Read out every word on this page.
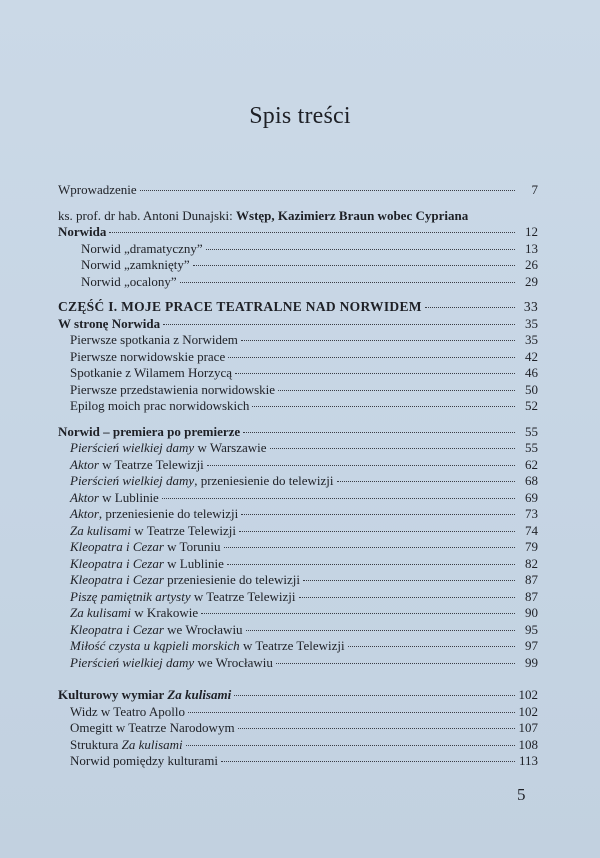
Spis treści
Wprowadzenie	7
ks. prof. dr hab. Antoni Dunajski: Wstęp, Kazimierz Braun wobec Cypriana
Norwida	12
Norwid „dramatyczny”	13
Norwid „zamknięty”	26
Norwid „ocalony”	29
CZĘŚĆ I. MOJE PRACE TEATRALNE NAD NORWIDEM	33
W stronę Norwida	35
Pierwsze spotkania z Norwidem	35
Pierwsze norwidowskie prace	42
Spotkanie z Wilamem Horzycą	46
Pierwsze przedstawienia norwidowskie	50
Epilog moich prac norwidowskich	52
Norwid – premiera po premierze	55
Pierścień wielkiej damy w Warszawie	55
Aktor w Teatrze Telewizji	62
Pierścień wielkiej damy, przeniesienie do telewizji	68
Aktor w Lublinie	69
Aktor, przeniesienie do telewizji	73
Za kulisami w Teatrze Telewizji	74
Kleopatra i Cezar w Toruniu	79
Kleopatra i Cezar w Lublinie	82
Kleopatra i Cezar przeniesienie do telewizji	87
Piszę pamiętnik artysty w Teatrze Telewizji	87
Za kulisami w Krakowie	90
Kleopatra i Cezar we Wrocławiu	95
Miłość czysta u kąpieli morskich w Teatrze Telewizji	97
Pierścień wielkiej damy we Wrocławiu	99
Kulturowy wymiar Za kulisami	102
Widz w Teatro Apollo	102
Omegitt w Teatrze Narodowym	107
Struktura Za kulisami	108
Norwid pomiędzy kulturami	113
5
